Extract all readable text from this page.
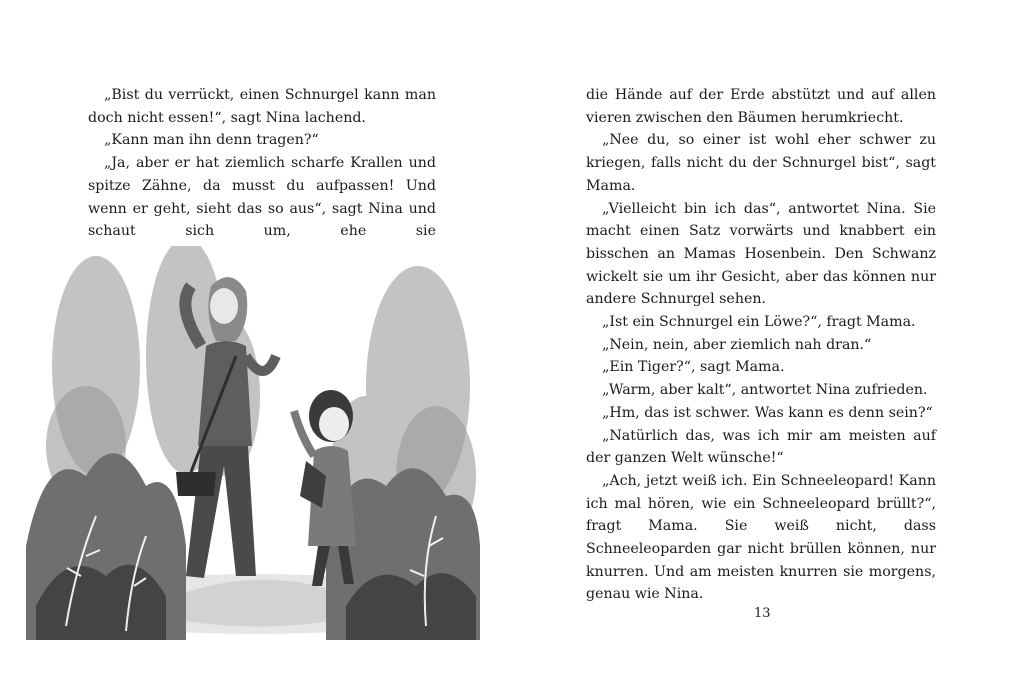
„Bist du verrückt, einen Schnurgel kann man doch nicht essen!“, sagt Nina lachend.

„Kann man ihn denn tragen?“

„Ja, aber er hat ziemlich scharfe Krallen und spitze Zähne, da musst du aufpassen! Und wenn er geht, sieht das so aus“, sagt Nina und schaut sich um, ehe sie

die Hände auf der Erde abstützt und auf allen vieren zwischen den Bäumen herumkriecht.

„Nee du, so einer ist wohl eher schwer zu kriegen, falls nicht du der Schnurgel bist“, sagt Mama.

„Vielleicht bin ich das“, antwortet Nina. Sie macht einen Satz vorwärts und knabbert ein bisschen an Mamas Hosenbein. Den Schwanz wickelt sie um ihr Gesicht, aber das können nur andere Schnurgel sehen.

„Ist ein Schnurgel ein Löwe?“, fragt Mama.

„Nein, nein, aber ziemlich nah dran.“

„Ein Tiger?“, sagt Mama.

„Warm, aber kalt“, antwortet Nina zufrieden.

„Hm, das ist schwer. Was kann es denn sein?“

„Natürlich das, was ich mir am meisten auf der ganzen Welt wünsche!“

„Ach, jetzt weiß ich. Ein Schneeleopard! Kann ich mal hören, wie ein Schneeleopard brüllt?“, fragt Mama. Sie weiß nicht, dass Schneeleoparden gar nicht brüllen können, nur knurren. Und am meisten knurren sie morgens, genau wie Nina.

13
